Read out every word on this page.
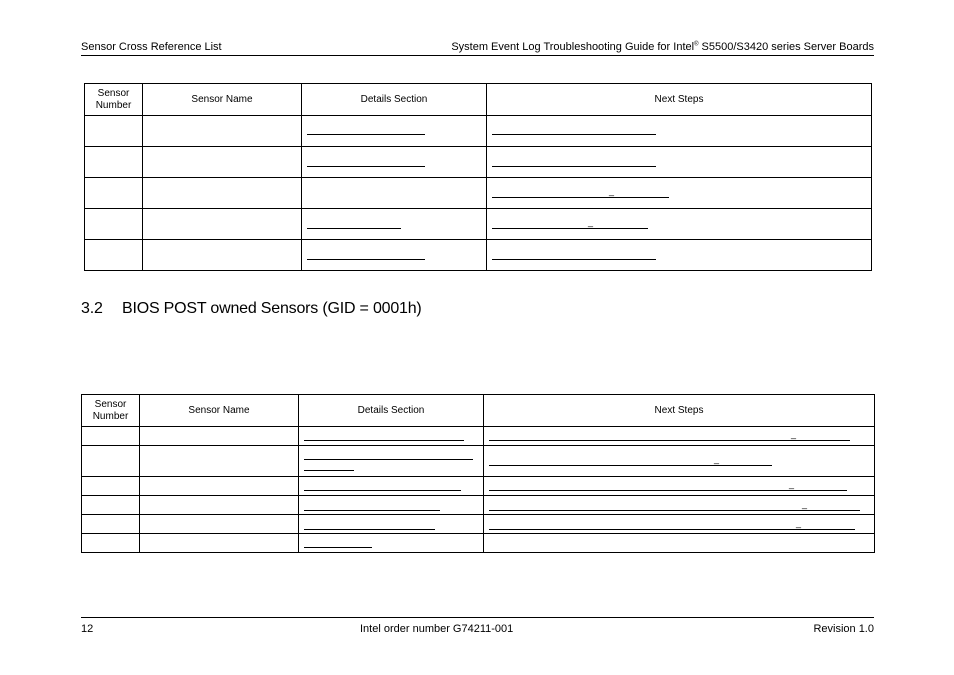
Sensor Cross Reference List	System Event Log Troubleshooting Guide for Intel® S5500/S3420 series Server Boards
Sensor
Number	Sensor Name	Details Section	Next Steps

			_

			_

3.2 BIOS POST owned Sensors (GID = 0001h)
Sensor
Number	Sensor Name	Details Section	Next Steps

			_

			_

			_

			_

			_

12	Intel order number G74211-001	Revision 1.0
